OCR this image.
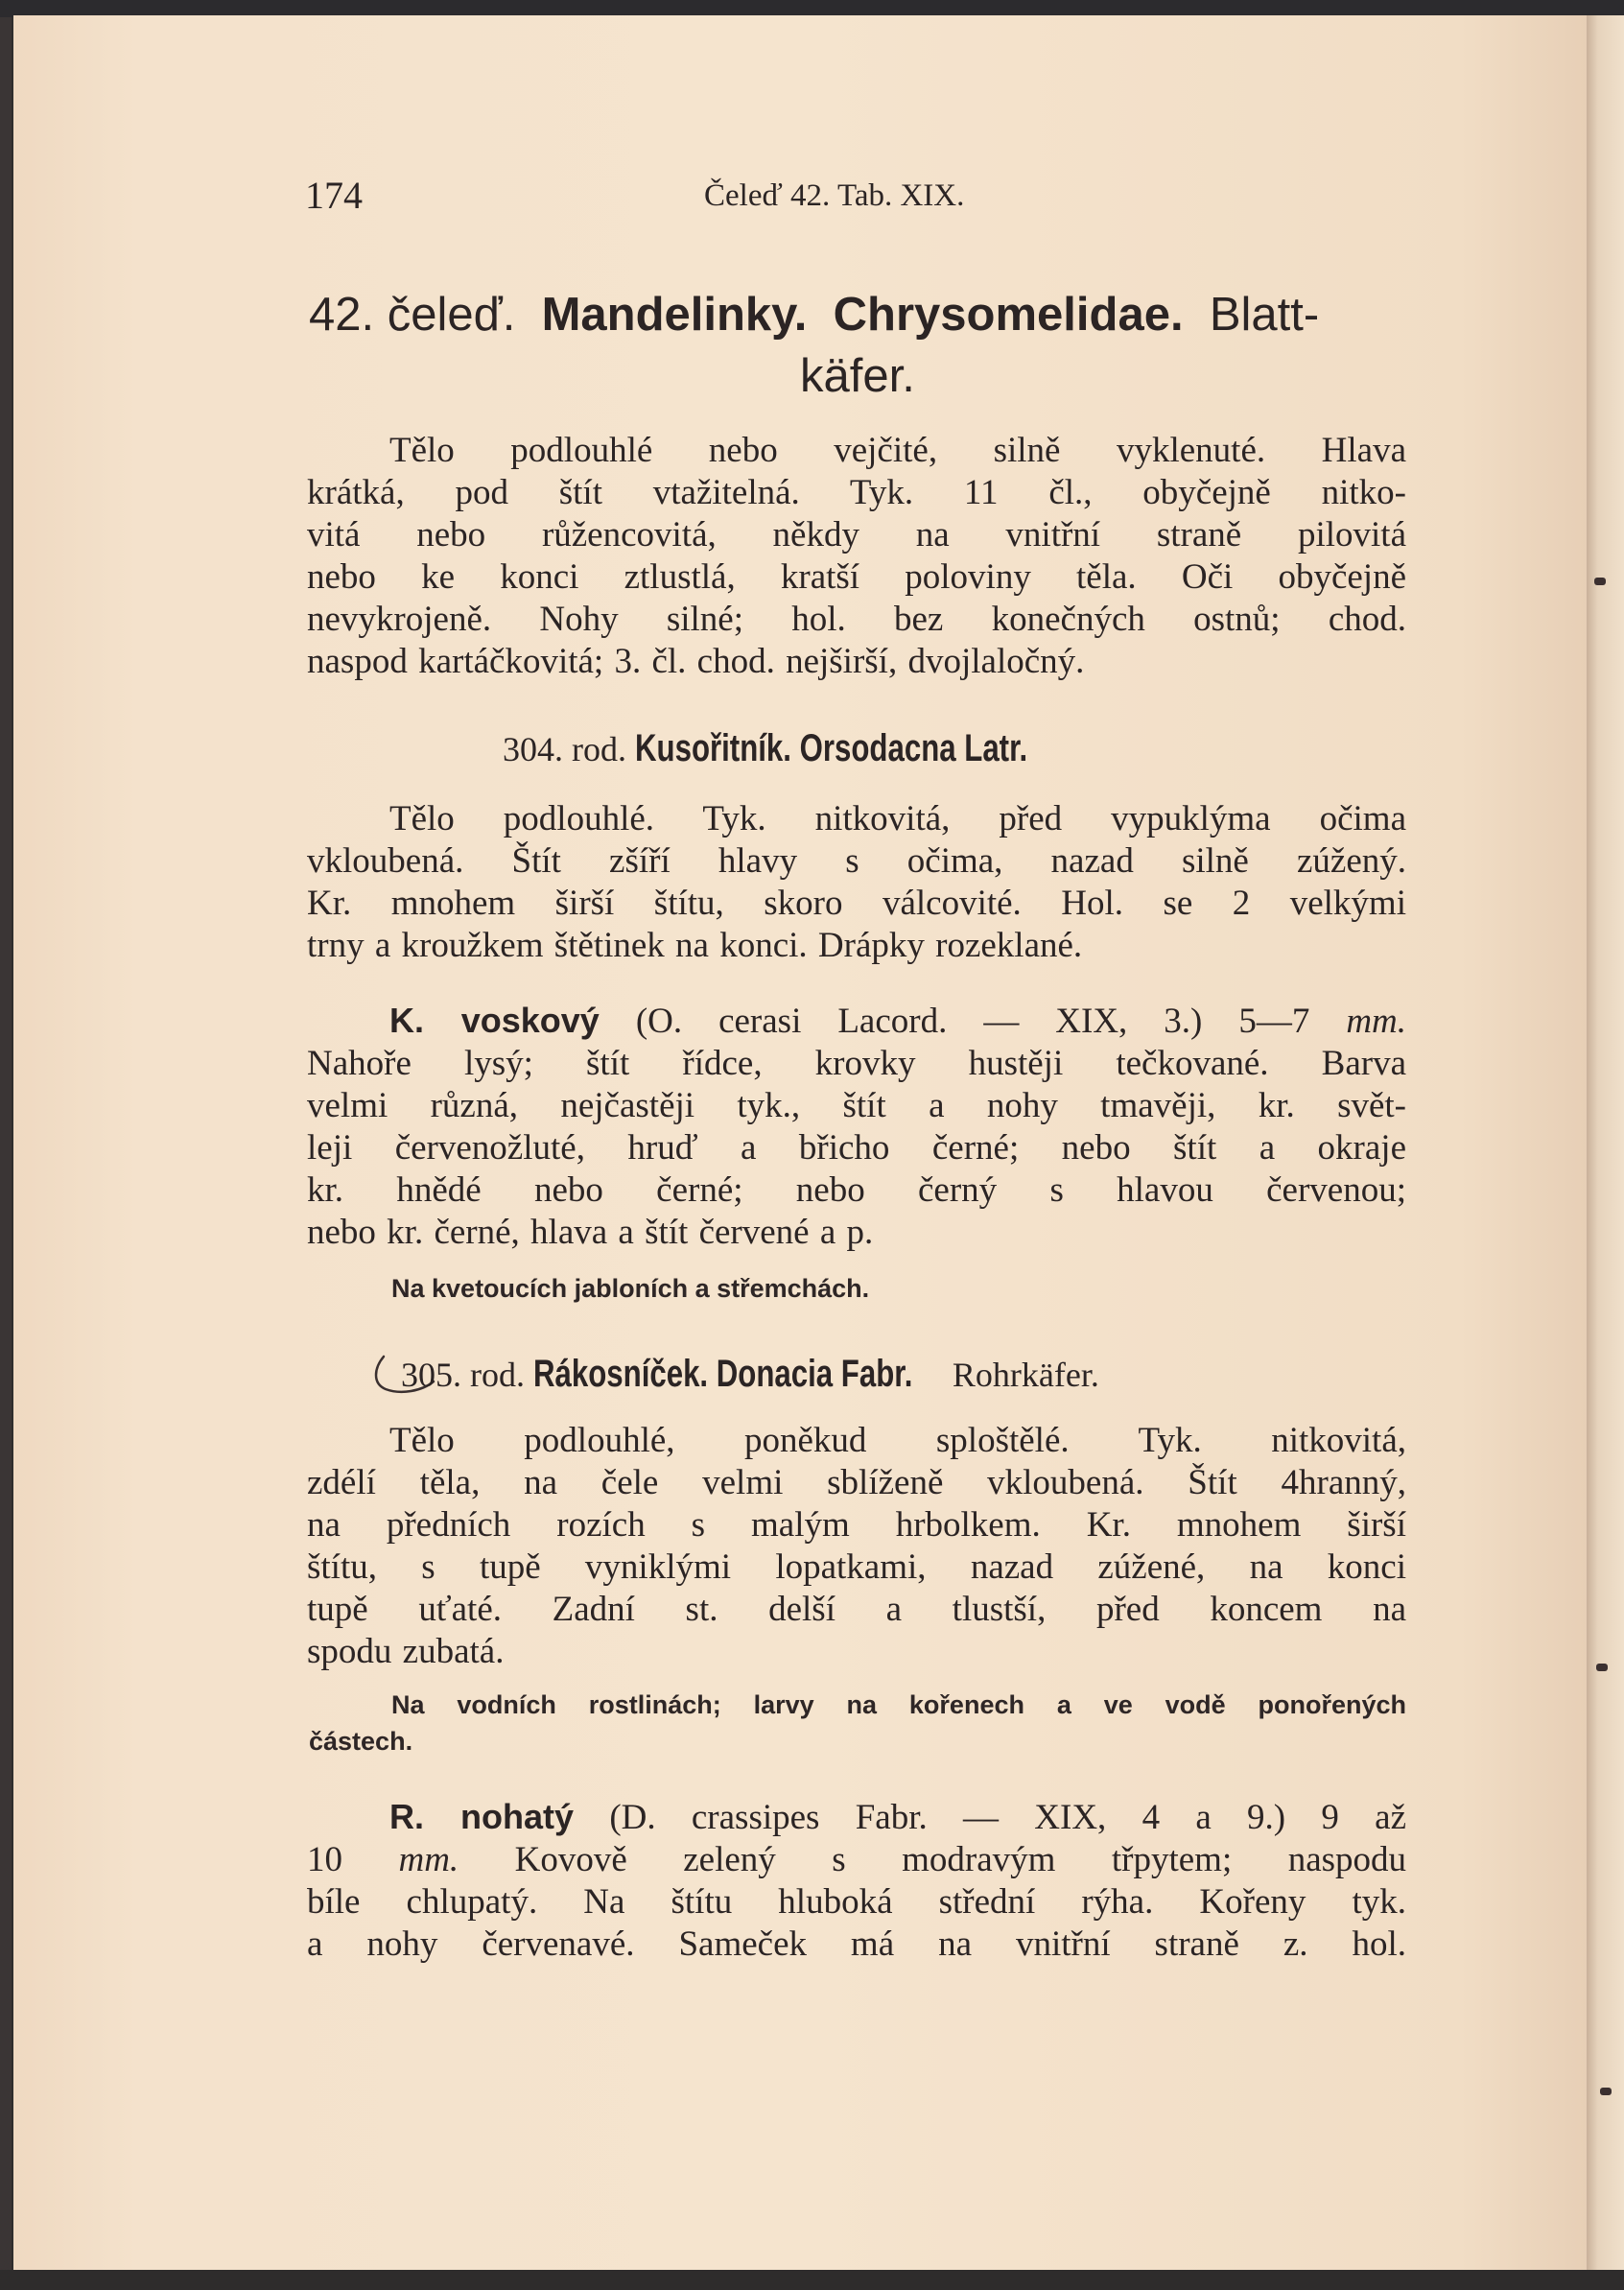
174	Čeleď 42. Tab. XIX.
42. čeleď. Mandelinky. Chrysomelidae. Blatt-
käfer.
Tělo podlouhlé nebo vejčité, silně vyklenuté. Hlava
krátká, pod štít vtažitelná. Tyk. 11 čl., obyčejně nitko-
vitá nebo růžencovitá, někdy na vnitřní straně pilovitá
nebo ke konci ztlustlá, kratší poloviny těla. Oči obyčejně
nevykrojeně. Nohy silné; hol. bez konečných ostnů; chod.
naspod kartáčkovitá; 3. čl. chod. nejširší, dvojlaločný.
304. rod. Kusořitník. Orsodacna Latr.
Tělo podlouhlé. Tyk. nitkovitá, před vypuklýma očima
vkloubená. Štít zšíří hlavy s očima, nazad silně zúžený.
Kr. mnohem širší štítu, skoro válcovité. Hol. se 2 velkými
trny a kroužkem štětinek na konci. Drápky rozeklané.
K. voskový (O. cerasi Lacord. — XIX, 3.) 5—7 mm.
Nahoře lysý; štít řídce, krovky hustěji tečkované. Barva
velmi různá, nejčastěji tyk., štít a nohy tmavěji, kr. svět-
leji červenožluté, hruď a břicho černé; nebo štít a okraje
kr. hnědé nebo černé; nebo černý s hlavou červenou;
nebo kr. černé, hlava a štít červené a p.
Na kvetoucích jabloních a střemchách.
305. rod. Rákosníček. Donacia Fabr. Rohrkäfer.
Tělo podlouhlé, poněkud sploštělé. Tyk. nitkovitá,
zdélí těla, na čele velmi sblíženě vkloubená. Štít 4hranný,
na předních rozích s malým hrbolkem. Kr. mnohem širší
štítu, s tupě vyniklými lopatkami, nazad zúžené, na konci
tupě uťaté. Zadní st. delší a tlustší, před koncem na
spodu zubatá.
Na vodních rostlinách; larvy na kořenech a ve vodě ponořených
částech.
R. nohatý (D. crassipes Fabr. — XIX, 4 a 9.) 9 až
10 mm. Kovově zelený s modravým třpytem; naspodu
bíle chlupatý. Na štítu hluboká střední rýha. Kořeny tyk.
a nohy červenavé. Sameček má na vnitřní straně z. hol.
